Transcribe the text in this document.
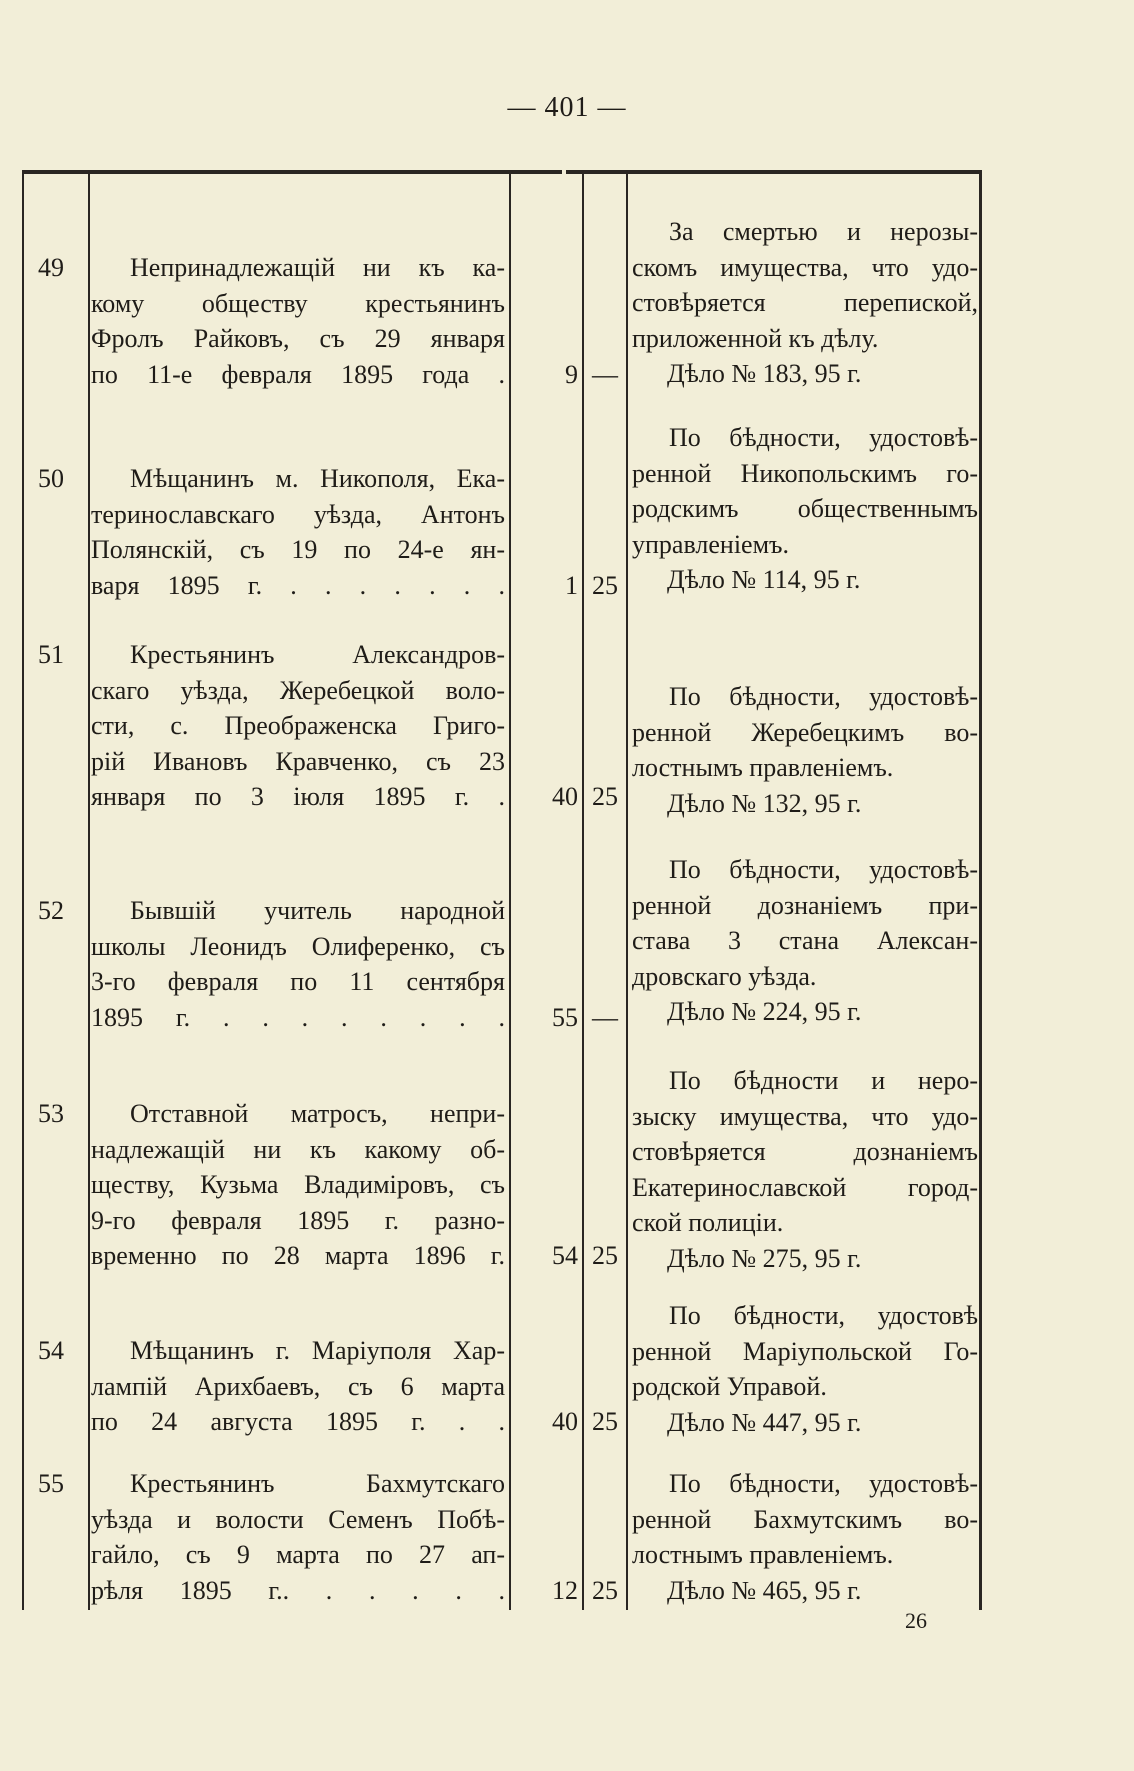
— 401 —
49	Непринадлежащій ни къ ка-
кому обществу крестьянинъ
Фролъ Райковъ, съ 29 января
по 11-е февраля 1895 года .	9 —
За смертью и нерозы-
скомъ имущества, что удо-
стовѣряется перепиской,
приложенной къ дѣлу.
Дѣло № 183, 95 г.
50	Мѣщанинъ м. Никополя, Ека-
теринославскаго уѣзда, Антонъ
Полянскій, съ 19 по 24-е ян-
варя 1895 г. . . . . . . .	1 25
По бѣдности, удостовѣ-
ренной Никопольскимъ го-
родскимъ общественнымъ
управленіемъ.
Дѣло № 114, 95 г.
51	Крестьянинъ Александров-
скаго уѣзда, Жеребецкой воло-
сти, с. Преображенска Григо-
рій Ивановъ Кравченко, съ 23
января по 3 іюля 1895 г. .	40 25
По бѣдности, удостовѣ-
ренной Жеребецкимъ во-
лостнымъ правленіемъ.
Дѣло № 132, 95 г.
52	Бывшій учитель народной
школы Леонидъ Олиференко, съ
3-го февраля по 11 сентября
1895 г. . . . . . . . .	55 —
По бѣдности, удостовѣ-
ренной дознаніемъ при-
става 3 стана Алексан-
дровскаго уѣзда.
Дѣло № 224, 95 г.
53	Отставной матросъ, непри-
надлежащій ни къ какому об-
ществу, Кузьма Владиміровъ, съ
9-го февраля 1895 г. разно-
временно по 28 марта 1896 г.	54 25
По бѣдности и неро-
зыску имущества, что удо-
стовѣряется дознаніемъ
Екатеринославской город-
ской полиціи.
Дѣло № 275, 95 г.
54	Мѣщанинъ г. Маріуполя Хар-
лампій Арихбаевъ, съ 6 марта
по 24 августа 1895 г. . .	40 25
По бѣдности, удостовѣ
ренной Маріупольской Го-
родской Управой.
Дѣло № 447, 95 г.
55	Крестьянинъ Бахмутскаго
уѣзда и волости Семенъ Побѣ-
гайло, съ 9 марта по 27 ап-
рѣля 1895 г.. . . . . .	12 25
По бѣдности, удостовѣ-
ренной Бахмутскимъ во-
лостнымъ правленіемъ.
Дѣло № 465, 95 г.
26
